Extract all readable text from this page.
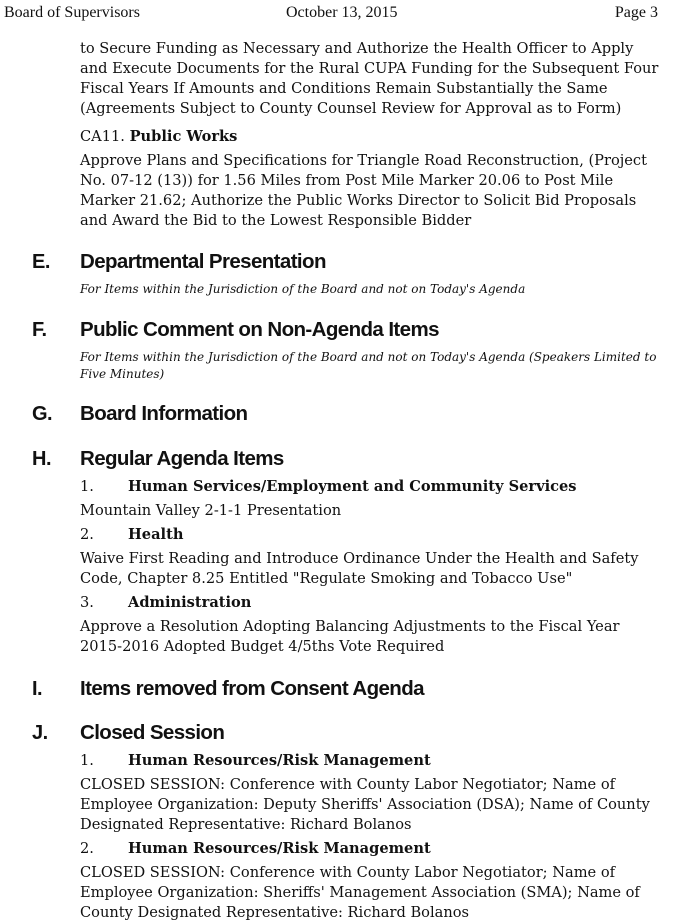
Board of Supervisors	October 13, 2015	Page 3

to Secure Funding as Necessary and Authorize the Health Officer to Apply and Execute Documents for the Rural CUPA Funding for the Subsequent Four Fiscal Years If Amounts and Conditions Remain Substantially the Same (Agreements Subject to County Counsel Review for Approval as to Form)

CA11. Public Works

Approve Plans and Specifications for Triangle Road Reconstruction, (Project No. 07-12 (13)) for 1.56 Miles from Post Mile Marker 20.06 to Post Mile Marker 21.62; Authorize the Public Works Director to Solicit Bid Proposals and Award the Bid to the Lowest Responsible Bidder

E. Departmental Presentation

For Items within the Jurisdiction of the Board and not on Today's Agenda

F. Public Comment on Non-Agenda Items

For Items within the Jurisdiction of the Board and not on Today's Agenda (Speakers Limited to Five Minutes)

G. Board Information
H. Regular Agenda Items
1. Human Services/Employment and Community Services

Mountain Valley 2-1-1 Presentation

2. Health

Waive First Reading and Introduce Ordinance Under the Health and Safety Code, Chapter 8.25 Entitled "Regulate Smoking and Tobacco Use"

3. Administration

Approve a Resolution Adopting Balancing Adjustments to the Fiscal Year 2015-2016 Adopted Budget 4/5ths Vote Required

I. Items removed from Consent Agenda
J. Closed Session
1. Human Resources/Risk Management

CLOSED SESSION: Conference with County Labor Negotiator; Name of Employee Organization: Deputy Sheriffs' Association (DSA); Name of County Designated Representative: Richard Bolanos

2. Human Resources/Risk Management

CLOSED SESSION: Conference with County Labor Negotiator; Name of Employee Organization: Sheriffs' Management Association (SMA); Name of County Designated Representative: Richard Bolanos
